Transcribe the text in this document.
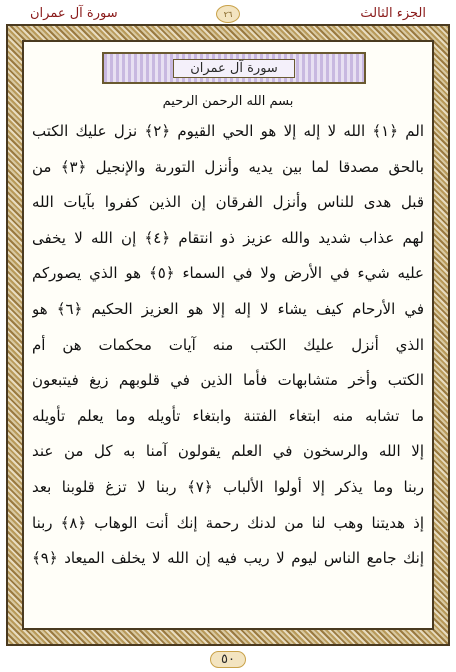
الجزء الثالث
سورة آل عمران	٢٦
سورة آل عمران
بسم الله الرحمن الرحيم
الم ﴿١﴾ الله لا إله إلا هو الحي القيوم ﴿٢﴾ نزل عليك الكتب
بالحق مصدقا لما بين يديه وأنزل التورىة والإنجيل ﴿٣﴾ من
قبل هدى للناس وأنزل الفرقان إن الذين كفروا بآيات الله
لهم عذاب شديد والله عزيز ذو انتقام ﴿٤﴾ إن الله لا يخفى
عليه شيء في الأرض ولا في السماء ﴿٥﴾ هو الذي يصوركم
في الأرحام كيف يشاء لا إله إلا هو العزيز الحكيم ﴿٦﴾ هو
الذي أنزل عليك الكتب منه آيات محكمات هن أم
الكتب وأخر متشابهات فأما الذين في قلوبهم زيغ فيتبعون
ما تشابه منه ابتغاء الفتنة وابتغاء تأويله وما يعلم تأويله
إلا الله والرسخون في العلم يقولون آمنا به كل من عند
ربنا وما يذكر إلا أولوا الألباب ﴿٧﴾ ربنا لا تزغ قلوبنا بعد
إذ هديتنا وهب لنا من لدنك رحمة إنك أنت الوهاب ﴿٨﴾ ربنا
إنك جامع الناس ليوم لا ريب فيه إن الله لا يخلف الميعاد ﴿٩﴾
٥٠
